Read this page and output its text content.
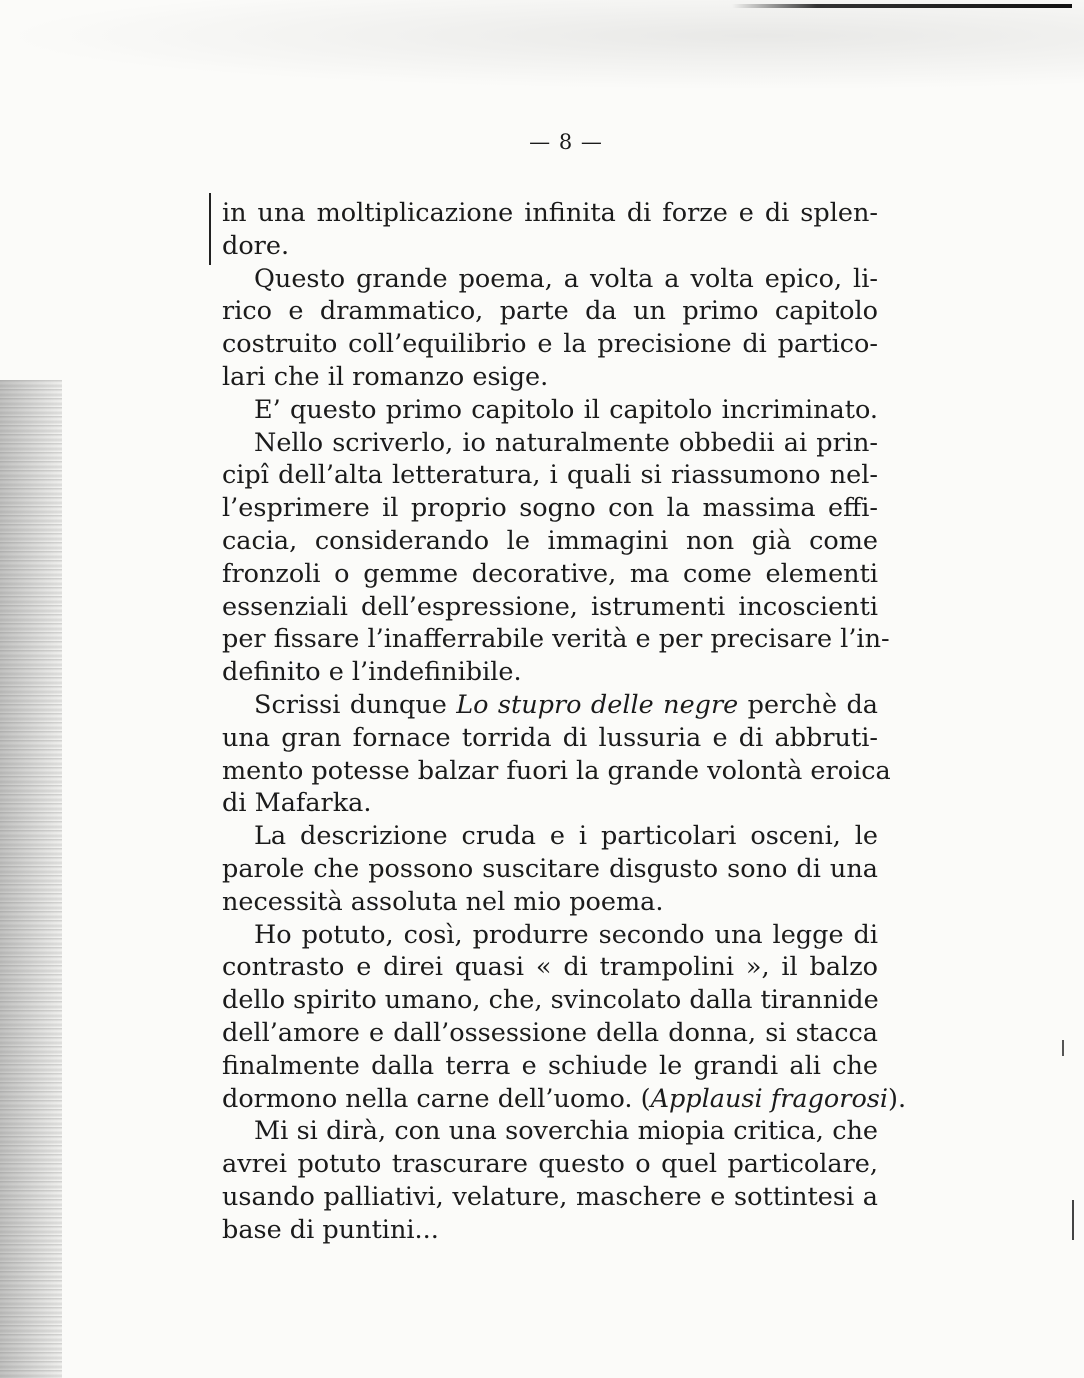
— 8 —
in una moltiplicazione infinita di forze e di splen-
dore.
Questo grande poema, a volta a volta epico, li-
rico e drammatico, parte da un primo capitolo
costruito coll’equilibrio e la precisione di partico-
lari che il romanzo esige.
E’ questo primo capitolo il capitolo incriminato.
Nello scriverlo, io naturalmente obbedii ai prin-
cipî dell’alta letteratura, i quali si riassumono nel-
l’esprimere il proprio sogno con la massima effi-
cacia, considerando le immagini non già come
fronzoli o gemme decorative, ma come elementi
essenziali dell’espressione, istrumenti incoscienti
per fissare l’inafferrabile verità e per precisare l’in-
definito e l’indefinibile.
Scrissi dunque Lo stupro delle negre perchè da
una gran fornace torrida di lussuria e di abbruti-
mento potesse balzar fuori la grande volontà eroica
di Mafarka.
La descrizione cruda e i particolari osceni, le
parole che possono suscitare disgusto sono di una
necessità assoluta nel mio poema.
Ho potuto, così, produrre secondo una legge di
contrasto e direi quasi « di trampolini », il balzo
dello spirito umano, che, svincolato dalla tirannide
dell’amore e dall’ossessione della donna, si stacca
finalmente dalla terra e schiude le grandi ali che
dormono nella carne dell’uomo. (Applausi fragorosi).
Mi si dirà, con una soverchia miopia critica, che
avrei potuto trascurare questo o quel particolare,
usando palliativi, velature, maschere e sottintesi a
base di puntini...
